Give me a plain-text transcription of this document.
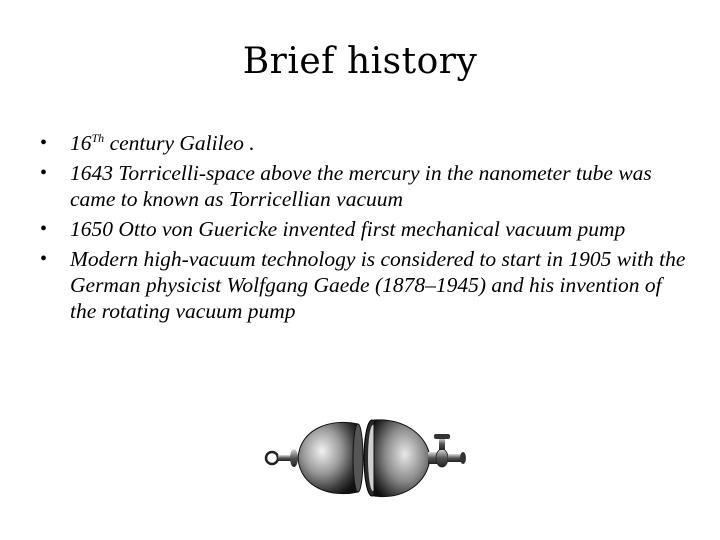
Brief history
• 16Th century Galileo .
• 1643 Torricelli-space above the mercury in the nanometer tube was came to known as Torricellian vacuum
• 1650 Otto von Guericke invented first mechanical vacuum pump
• Modern high-vacuum technology is considered to start in 1905 with the German physicist Wolfgang Gaede (1878–1945) and his invention of the rotating vacuum pump
